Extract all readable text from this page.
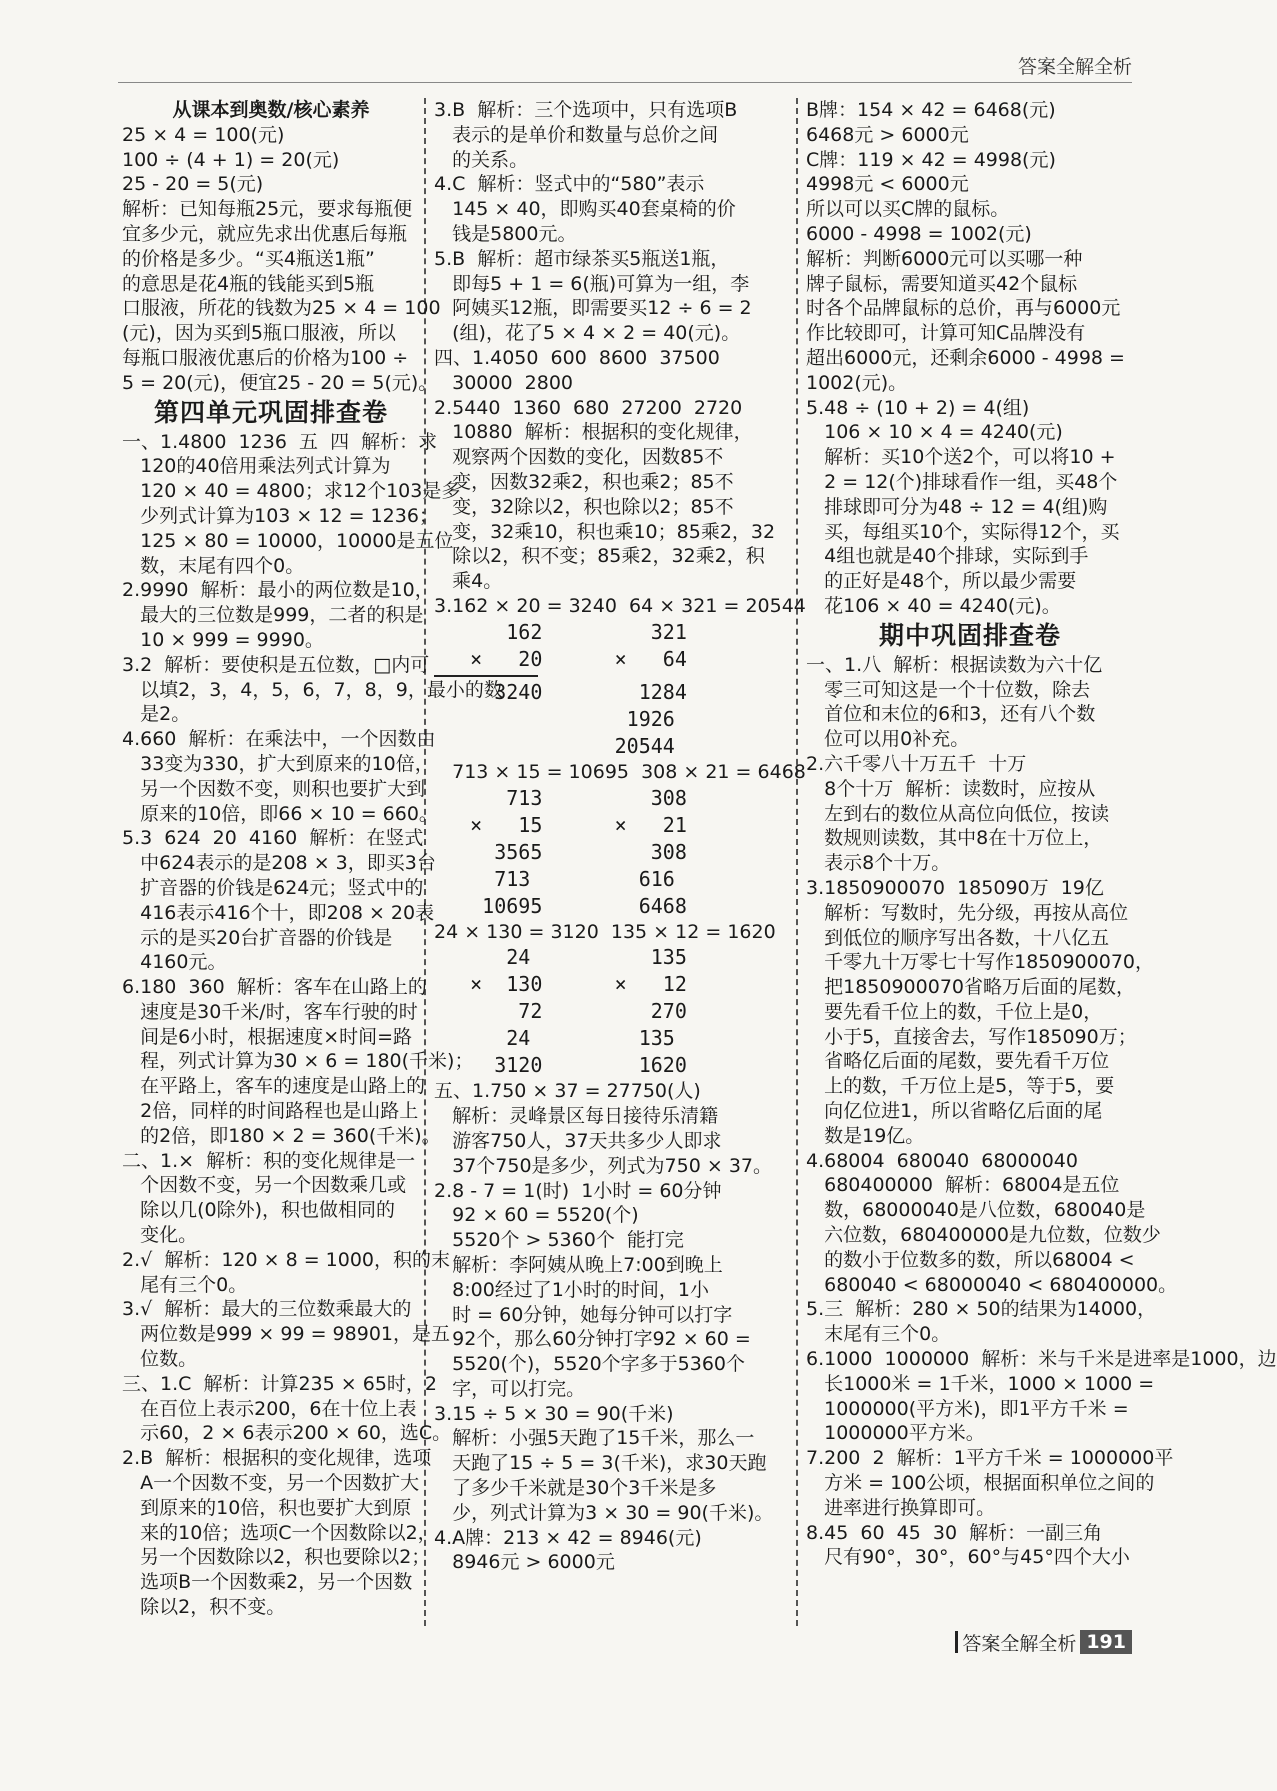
答案全解全析
从课本到奥数/核心素养
25 × 4 = 100(元)
100 ÷ (4 + 1) = 20(元)
25 - 20 = 5(元)
解析：已知每瓶25元，要求每瓶便
宜多少元，就应先求出优惠后每瓶
的价格是多少。“买4瓶送1瓶”
的意思是花4瓶的钱能买到5瓶
口服液，所花的钱数为25 × 4 = 100
(元)，因为买到5瓶口服液，所以
每瓶口服液优惠后的价格为100 ÷
5 = 20(元)，便宜25 - 20 = 5(元)。
第四单元巩固排查卷
一、1.4800  1236  五  四  解析：求
120的40倍用乘法列式计算为
120 × 40 = 4800；求12个103是多
少列式计算为103 × 12 = 1236；
125 × 80 = 10000，10000是五位
数，末尾有四个0。
2.9990  解析：最小的两位数是10，
最大的三位数是999，二者的积是
10 × 999 = 9990。
3.2  解析：要使积是五位数，□内可
以填2，3，4，5，6，7，8，9，最小的数
是2。
4.660  解析：在乘法中，一个因数由
33变为330，扩大到原来的10倍，
另一个因数不变，则积也要扩大到
原来的10倍，即66 × 10 = 660。
5.3  624  20  4160  解析：在竖式
中624表示的是208 × 3，即买3台
扩音器的价钱是624元；竖式中的
416表示416个十，即208 × 20表
示的是买20台扩音器的价钱是
4160元。
6.180  360  解析：客车在山路上的
速度是30千米/时，客车行驶的时
间是6小时，根据速度×时间=路
程，列式计算为30 × 6 = 180(千米)；
在平路上，客车的速度是山路上的
2倍，同样的时间路程也是山路上
的2倍，即180 × 2 = 360(千米)。
二、1.×  解析：积的变化规律是一
个因数不变，另一个因数乘几或
除以几(0除外)，积也做相同的
变化。
2.√  解析：120 × 8 = 1000，积的末
尾有三个0。
3.√  解析：最大的三位数乘最大的
两位数是999 × 99 = 98901，是五
位数。
三、1.C  解析：计算235 × 65时，2
在百位上表示200，6在十位上表
示60，2 × 6表示200 × 60，选C。
2.B  解析：根据积的变化规律，选项
A一个因数不变，另一个因数扩大
到原来的10倍，积也要扩大到原
来的10倍；选项C一个因数除以2，
另一个因数除以2，积也要除以2；
选项B一个因数乘2，另一个因数
除以2，积不变。
3.B  解析：三个选项中，只有选项B
表示的是单价和数量与总价之间
的关系。
4.C  解析：竖式中的“580”表示
145 × 40，即购买40套桌椅的价
钱是5800元。
5.B  解析：超市绿茶买5瓶送1瓶，
即每5 + 1 = 6(瓶)可算为一组，李
阿姨买12瓶，即需要买12 ÷ 6 = 2
(组)，花了5 × 4 × 2 = 40(元)。
四、1.4050  600  8600  37500
30000  2800
2.5440  1360  680  27200  2720
10880  解析：根据积的变化规律，
观察两个因数的变化，因数85不
变，因数32乘2，积也乘2；85不
变，32除以2，积也除以2；85不
变，32乘10，积也乘10；85乘2，32
除以2，积不变；85乘2，32乘2，积
乘4。
3.162 × 20 = 3240  64 × 321 = 20544
162         321
×   20      ×   64
3240        1284
1926
20544
713 × 15 = 10695  308 × 21 = 6468
713         308
×   15      ×   21
3565         308
713         616
10695        6468
24 × 130 = 3120  135 × 12 = 1620
24          135
×  130      ×   12
72         270
24         135
3120        1620
五、1.750 × 37 = 27750(人)
解析：灵峰景区每日接待乐清籍
游客750人，37天共多少人即求
37个750是多少，列式为750 × 37。
2.8 - 7 = 1(时)  1小时 = 60分钟
92 × 60 = 5520(个)
5520个 > 5360个  能打完
解析：李阿姨从晚上7:00到晚上
8:00经过了1小时的时间，1小
时 = 60分钟，她每分钟可以打字
92个，那么60分钟打字92 × 60 =
5520(个)，5520个字多于5360个
字，可以打完。
3.15 ÷ 5 × 30 = 90(千米)
解析：小强5天跑了15千米，那么一
天跑了15 ÷ 5 = 3(千米)，求30天跑
了多少千米就是30个3千米是多
少，列式计算为3 × 30 = 90(千米)。
4.A牌：213 × 42 = 8946(元)
8946元 > 6000元
B牌：154 × 42 = 6468(元)
6468元 > 6000元
C牌：119 × 42 = 4998(元)
4998元 < 6000元
所以可以买C牌的鼠标。
6000 - 4998 = 1002(元)
解析：判断6000元可以买哪一种
牌子鼠标，需要知道买42个鼠标
时各个品牌鼠标的总价，再与6000元
作比较即可，计算可知C品牌没有
超出6000元，还剩余6000 - 4998 =
1002(元)。
5.48 ÷ (10 + 2) = 4(组)
106 × 10 × 4 = 4240(元)
解析：买10个送2个，可以将10 +
2 = 12(个)排球看作一组，买48个
排球即可分为48 ÷ 12 = 4(组)购
买，每组买10个，实际得12个，买
4组也就是40个排球，实际到手
的正好是48个，所以最少需要
花106 × 40 = 4240(元)。
期中巩固排查卷
一、1.八  解析：根据读数为六十亿
零三可知这是一个十位数，除去
首位和末位的6和3，还有八个数
位可以用0补充。
2.六千零八十万五千  十万
8个十万  解析：读数时，应按从
左到右的数位从高位向低位，按读
数规则读数，其中8在十万位上，
表示8个十万。
3.1850900070  185090万  19亿
解析：写数时，先分级，再按从高位
到低位的顺序写出各数，十八亿五
千零九十万零七十写作1850900070，
把1850900070省略万后面的尾数，
要先看千位上的数，千位上是0，
小于5，直接舍去，写作185090万；
省略亿后面的尾数，要先看千万位
上的数，千万位上是5，等于5，要
向亿位进1，所以省略亿后面的尾
数是19亿。
4.68004  680040  68000040
680400000  解析：68004是五位
数，68000040是八位数，680040是
六位数，680400000是九位数，位数少
的数小于位数多的数，所以68004 <
680040 < 68000040 < 680400000。
5.三  解析：280 × 50的结果为14000，
末尾有三个0。
6.1000  1000000  解析：米与千米是进率是1000，边
长1000米 = 1千米，1000 × 1000 =
1000000(平方米)，即1平方千米 =
1000000平方米。
7.200  2  解析：1平方千米 = 1000000平
方米 = 100公顷，根据面积单位之间的
进率进行换算即可。
8.45  60  45  30  解析：一副三角
尺有90°，30°，60°与45°四个大小
答案全解全析 191
